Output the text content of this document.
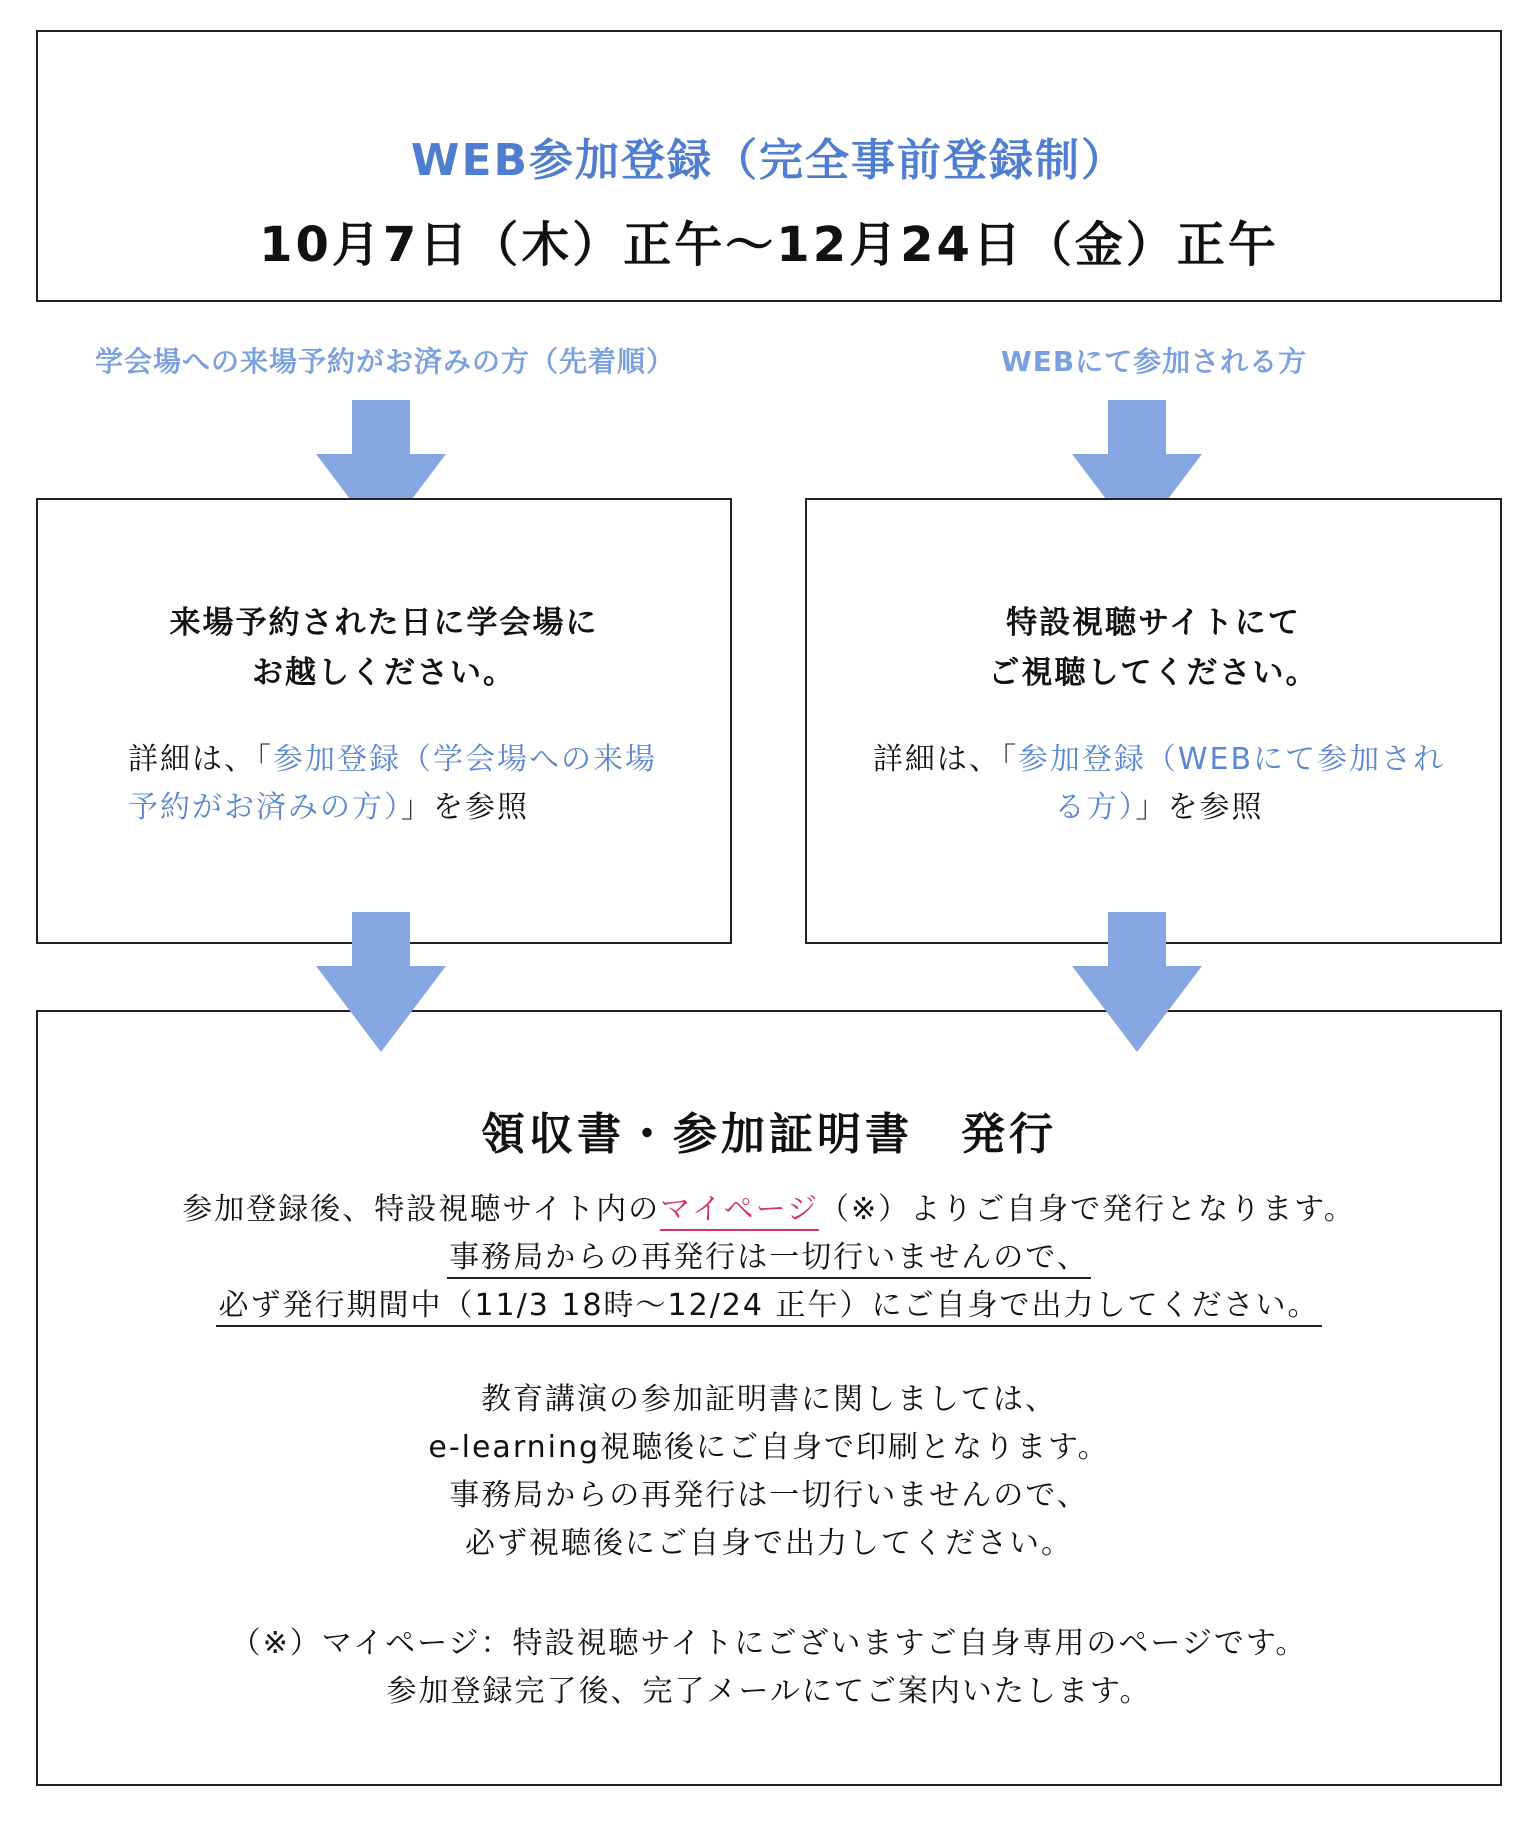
WEB参加登録（完全事前登録制）
10月7日（木）正午～12月24日（金）正午
学会場への来場予約がお済みの方（先着順）	WEBにて参加される方
来場予約された日に学会場に
お越しください。
詳細は、「参加登録（学会場への来場予約がお済みの方）」を参照
特設視聴サイトにて
ご視聴してください。
詳細は、「参加登録（WEBにて参加される方）」を参照
領収書・参加証明書　発行
参加登録後、特設視聴サイト内のマイページ（※）よりご自身で発行となります。
事務局からの再発行は一切行いませんので、
必ず発行期間中（11/3 18時～12/24 正午）にご自身で出力してください。
教育講演の参加証明書に関しましては、
e-learning視聴後にご自身で印刷となります。
事務局からの再発行は一切行いませんので、
必ず視聴後にご自身で出力してください。
（※）マイページ：特設視聴サイトにございますご自身専用のページです。
参加登録完了後、完了メールにてご案内いたします。
